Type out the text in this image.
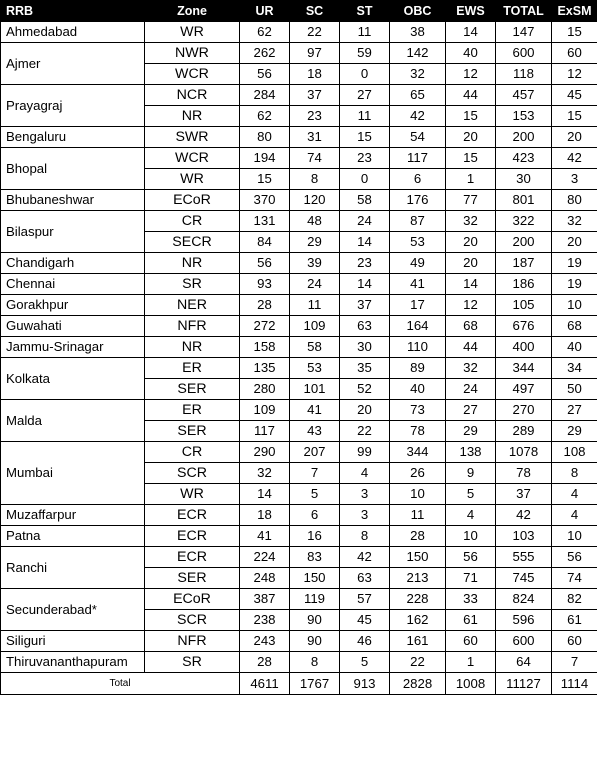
RRB	Zone	UR	SC	ST	OBC	EWS	TOTAL	ExSM
Ahmedabad	WR	62	22	11	38	14	147	15
Ajmer	NWR	262	97	59	142	40	600	60
	WCR	56	18	0	32	12	118	12
Prayagraj	NCR	284	37	27	65	44	457	45
	NR	62	23	11	42	15	153	15
Bengaluru	SWR	80	31	15	54	20	200	20
Bhopal	WCR	194	74	23	117	15	423	42
	WR	15	8	0	6	1	30	3
Bhubaneshwar	ECoR	370	120	58	176	77	801	80
Bilaspur	CR	131	48	24	87	32	322	32
	SECR	84	29	14	53	20	200	20
Chandigarh	NR	56	39	23	49	20	187	19
Chennai	SR	93	24	14	41	14	186	19
Gorakhpur	NER	28	11	37	17	12	105	10
Guwahati	NFR	272	109	63	164	68	676	68
Jammu-Srinagar	NR	158	58	30	110	44	400	40
Kolkata	ER	135	53	35	89	32	344	34
	SER	280	101	52	40	24	497	50
Malda	ER	109	41	20	73	27	270	27
	SER	117	43	22	78	29	289	29
Mumbai	CR	290	207	99	344	138	1078	108
	SCR	32	7	4	26	9	78	8
	WR	14	5	3	10	5	37	4
Muzaffarpur	ECR	18	6	3	11	4	42	4
Patna	ECR	41	16	8	28	10	103	10
Ranchi	ECR	224	83	42	150	56	555	56
	SER	248	150	63	213	71	745	74
Secunderabad*	ECoR	387	119	57	228	33	824	82
	SCR	238	90	45	162	61	596	61
Siliguri	NFR	243	90	46	161	60	600	60
Thiruvananthapuram	SR	28	8	5	22	1	64	7
Total		4611	1767	913	2828	1008	11127	1114
